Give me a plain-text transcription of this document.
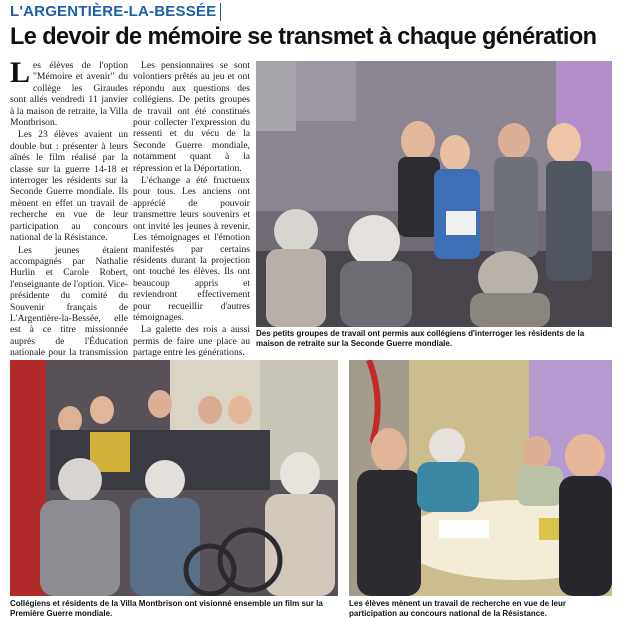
L'ARGENTIÈRE-LA-BESSÉE
Le devoir de mémoire se transmet à chaque génération

Les élèves de l'option "Mémoire et avenir" du collège les Giraudes sont allés vendredi 11 janvier à la maison de retraite, la Villa Montbrison.

Les 23 élèves avaient un double but : présenter à leurs aînés le film réalisé par la classe sur la guerre 14-18 et interroger les résidents sur la Seconde Guerre mondiale. Ils mènent en effet un travail de recherche en vue de leur participation au concours national de la Résistance.

Les jeunes étaient accompagnés par Nathalie Hurlin et Carole Robert, l'enseignante de l'option. Vice-présidente du comité du Souvenir français de L'Argentière-la-Bessée, elle est à ce titre missionnée auprès de l'Éducation nationale pour la transmission

Les pensionnaires se sont volontiers prêtés au jeu et ont répondu aux questions des collégiens. De petits groupes de travail ont été constitués pour collecter l'expression du ressenti et du vécu de la Seconde Guerre mondiale, notamment quant à la répression et la Déportation.

L'échange a été fructueux pour tous. Les anciens ont apprécié de pouvoir transmettre leurs souvenirs et ont invité les jeunes à revenir. Les témoignages et l'émotion manifestés par certains résidents durant la projection ont touché les élèves. Ils ont beaucoup appris et reviendront effectivement pour recueillir d'autres témoignages.

La galette des rois a aussi permis de faire une place au partage entre les générations.

Des petits groupes de travail ont permis aux collégiens d'interroger les résidents de la maison de retraite sur la Seconde Guerre mondiale.
Collégiens et résidents de la Villa Montbrison ont visionné ensemble un film sur la Première Guerre mondiale.
Les élèves mènent un travail de recherche en vue de leur participation au concours national de la Résistance.
